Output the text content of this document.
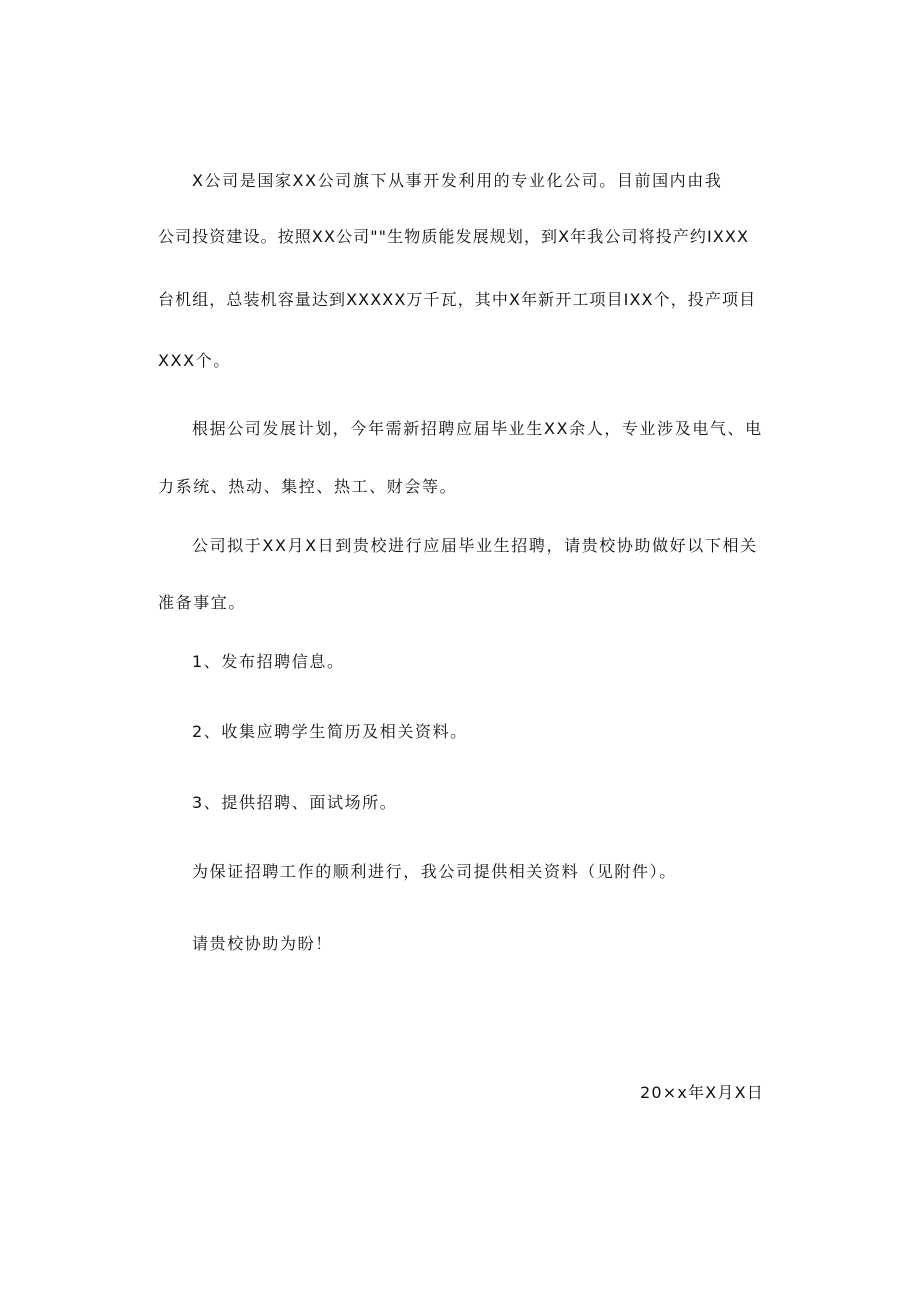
X公司是国家XX公司旗下从事开发利用的专业化公司。目前国内由我

公司投资建设。按照XX公司""生物质能发展规划，到X年我公司将投产约IXXX

台机组，总装机容量达到XXXXX万千瓦，其中X年新开工项目IXX个，投产项目

XXX个。

根据公司发展计划，今年需新招聘应届毕业生XX余人，专业涉及电气、电

力系统、热动、集控、热工、财会等。

公司拟于XX月X日到贵校进行应届毕业生招聘，请贵校协助做好以下相关

准备事宜。

1、发布招聘信息。

2、收集应聘学生简历及相关资料。

3、提供招聘、面试场所。

为保证招聘工作的顺利进行，我公司提供相关资料（见附件）。

请贵校协助为盼！

20×x年X月X日
